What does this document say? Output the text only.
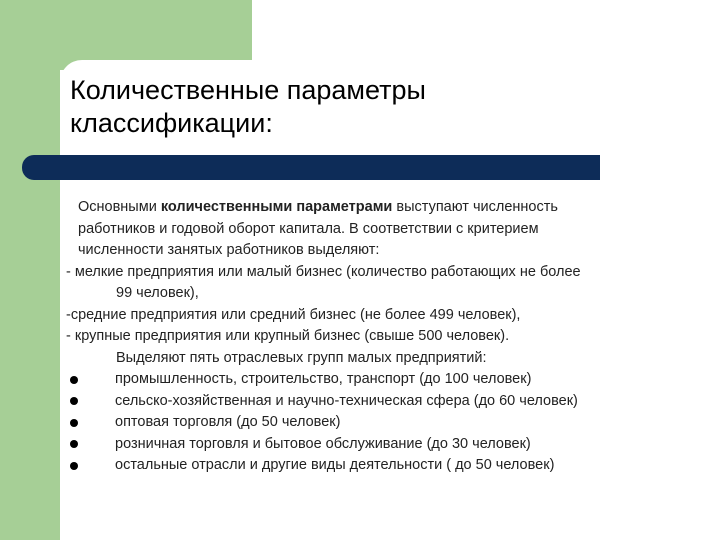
Количественные параметры
классификации:
Основными количественными параметрами выступают численность
работников и годовой оборот капитала. В соответствии с критерием
численности занятых работников выделяют:
- мелкие предприятия или малый бизнес (количество работающих не более
99 человек),
-средние предприятия или средний бизнес (не более 499 человек),
- крупные предприятия или крупный бизнес (свыше 500 человек).
Выделяют пять отраслевых групп малых предприятий:
промышленность, строительство, транспорт (до 100 человек)
сельско-хозяйственная и научно-техническая сфера (до 60 человек)
оптовая торговля (до 50 человек)
розничная торговля и бытовое обслуживание (до 30 человек)
остальные отрасли и другие виды деятельности ( до 50 человек)
